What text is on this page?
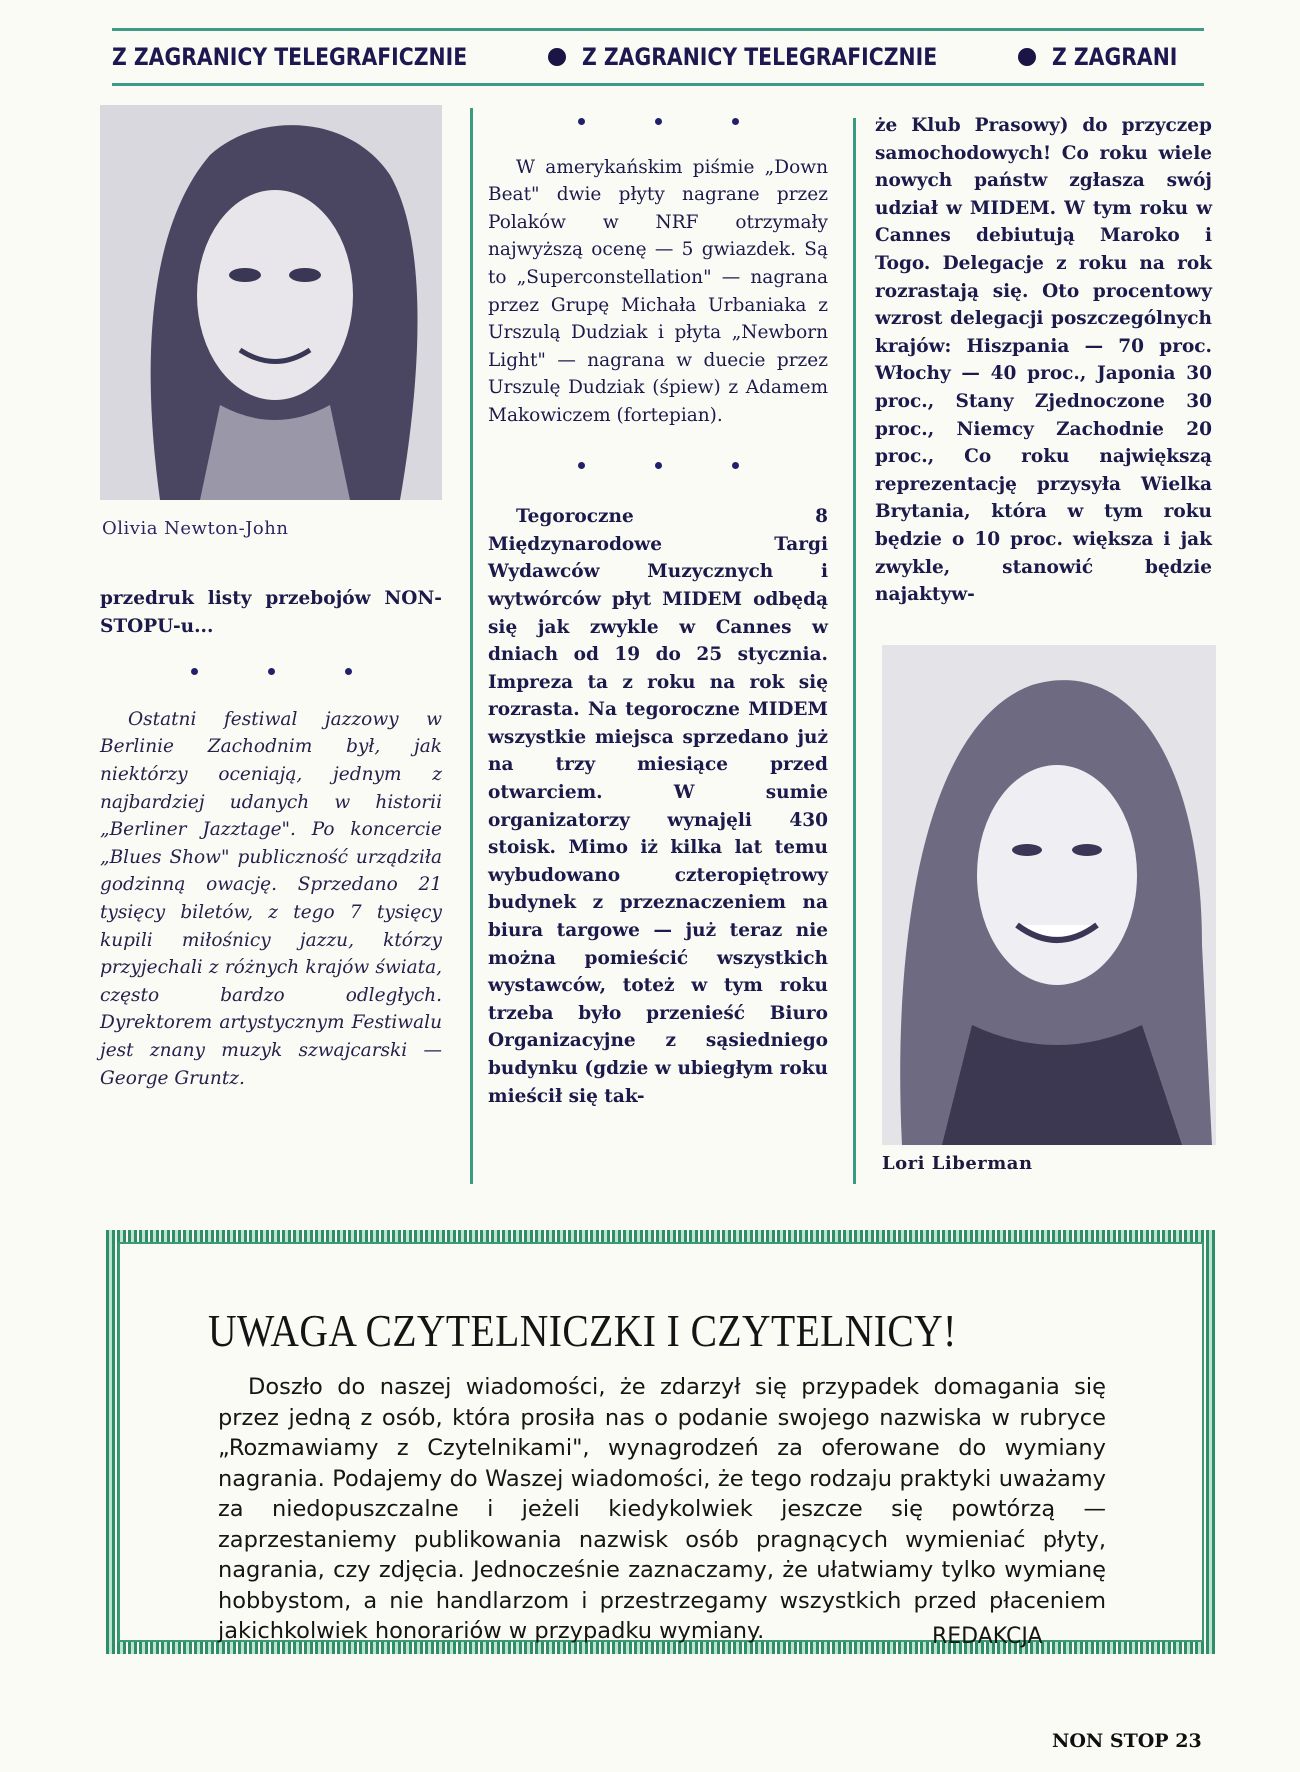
Z ZAGRANICY TELEGRAFICZNIE	Z ZAGRANICY TELEGRAFICZNIE	Z ZAGRANI
Olivia Newton-John

przedruk listy przebojów NON-STOPU-u...

Ostatni festiwal jazzowy w Berlinie Zachodnim był, jak niektórzy oceniają, jednym z najbardziej udanych w historii „Berliner Jazztage". Po koncercie „Blues Show" publiczność urządziła godzinną owację. Sprzedano 21 tysięcy biletów, z tego 7 tysięcy kupili miłośnicy jazzu, którzy przyjechali z różnych krajów świata, często bardzo odległych. Dyrektorem artystycznym Festiwalu jest znany muzyk szwajcarski — George Gruntz.

W amerykańskim piśmie „Down Beat" dwie płyty nagrane przez Polaków w NRF otrzymały najwyższą ocenę — 5 gwiazdek. Są to „Superconstellation" — nagrana przez Grupę Michała Urbaniaka z Urszulą Dudziak i płyta „Newborn Light" — nagrana w duecie przez Urszulę Dudziak (śpiew) z Adamem Makowiczem (fortepian).

Tegoroczne 8 Międzynarodowe Targi Wydawców Muzycznych i wytwórców płyt MIDEM odbędą się jak zwykle w Cannes w dniach od 19 do 25 stycznia. Impreza ta z roku na rok się rozrasta. Na tegoroczne MIDEM wszystkie miejsca sprzedano już na trzy miesiące przed otwarciem. W sumie organizatorzy wynajęli 430 stoisk. Mimo iż kilka lat temu wybudowano czteropiętrowy budynek z przeznaczeniem na biura targowe — już teraz nie można pomieścić wszystkich wystawców, toteż w tym roku trzeba było przenieść Biuro Organizacyjne z sąsiedniego budynku (gdzie w ubiegłym roku mieścił się tak-

że Klub Prasowy) do przyczep samochodowych! Co roku wiele nowych państw zgłasza swój udział w MIDEM. W tym roku w Cannes debiutują Maroko i Togo. Delegacje z roku na rok rozrastają się. Oto procentowy wzrost delegacji poszczególnych krajów: Hiszpania — 70 proc. Włochy — 40 proc., Japonia 30 proc., Stany Zjednoczone 30 proc., Niemcy Zachodnie 20 proc., Co roku największą reprezentację przysyła Wielka Brytania, która w tym roku będzie o 10 proc. większa i jak zwykle, stanowić będzie najaktyw-

Lori Liberman
UWAGA CZYTELNICZKI I CZYTELNICY!

Doszło do naszej wiadomości, że zdarzył się przypadek domagania się przez jedną z osób, która prosiła nas o podanie swojego nazwiska w rubryce „Rozmawiamy z Czytelnikami", wynagrodzeń za oferowane do wymiany nagrania. Podajemy do Waszej wiadomości, że tego rodzaju praktyki uważamy za niedopuszczalne i jeżeli kiedykolwiek jeszcze się powtórzą — zaprzestaniemy publikowania nazwisk osób pragnących wymieniać płyty, nagrania, czy zdjęcia. Jednocześnie zaznaczamy, że ułatwiamy tylko wymianę hobbystom, a nie handlarzom i przestrzegamy wszystkich przed płaceniem jakichkolwiek honorariów w przypadku wymiany.	REDAKCJA
NON STOP 23
